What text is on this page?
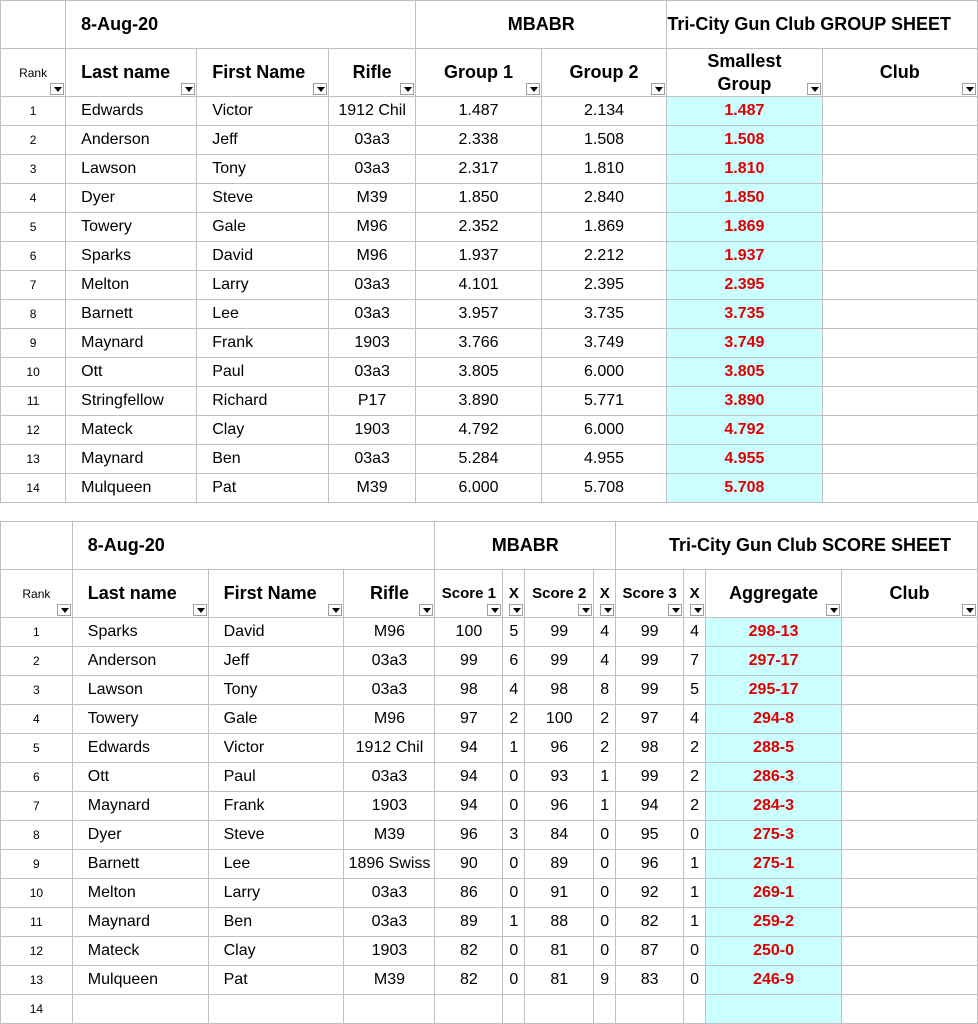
	8-Aug-20			MBABR		Tri-City Gun Club GROUP SHEET	
Rank	Last name	First Name	Rifle	Group 1	Group 2	Smallest
Group	Club

1	Edwards	Victor	1912 Chil	1.487	2.134	1.487	
2	Anderson	Jeff	03a3	2.338	1.508	1.508	
3	Lawson	Tony	03a3	2.317	1.810	1.810	
4	Dyer	Steve	M39	1.850	2.840	1.850	
5	Towery	Gale	M96	2.352	1.869	1.869	
6	Sparks	David	M96	1.937	2.212	1.937	
7	Melton	Larry	03a3	4.101	2.395	2.395	
8	Barnett	Lee	03a3	3.957	3.735	3.735	
9	Maynard	Frank	1903	3.766	3.749	3.749	
10	Ott	Paul	03a3	3.805	6.000	3.805	
11	Stringfellow	Richard	P17	3.890	5.771	3.890	
12	Mateck	Clay	1903	4.792	6.000	4.792	
13	Maynard	Ben	03a3	5.284	4.955	4.955	
14	Mulqueen	Pat	M39	6.000	5.708	5.708	
	8-Aug-20			MBABR				Tri-City Gun Club SCORE SHEET			
Rank	Last name	First Name	Rifle	Score 1	X	Score 2	X	Score 3	X	Aggregate	Club

1	Sparks	David	M96	100	5	99	4	99	4	298-13	
2	Anderson	Jeff	03a3	99	6	99	4	99	7	297-17	
3	Lawson	Tony	03a3	98	4	98	8	99	5	295-17	
4	Towery	Gale	M96	97	2	100	2	97	4	294-8	
5	Edwards	Victor	1912 Chil	94	1	96	2	98	2	288-5	
6	Ott	Paul	03a3	94	0	93	1	99	2	286-3	
7	Maynard	Frank	1903	94	0	96	1	94	2	284-3	
8	Dyer	Steve	M39	96	3	84	0	95	0	275-3	
9	Barnett	Lee	1896 Swiss	90	0	89	0	96	1	275-1	
10	Melton	Larry	03a3	86	0	91	0	92	1	269-1	
11	Maynard	Ben	03a3	89	1	88	0	82	1	259-2	
12	Mateck	Clay	1903	82	0	81	0	87	0	250-0	
13	Mulqueen	Pat	M39	82	0	81	9	83	0	246-9	
14											
